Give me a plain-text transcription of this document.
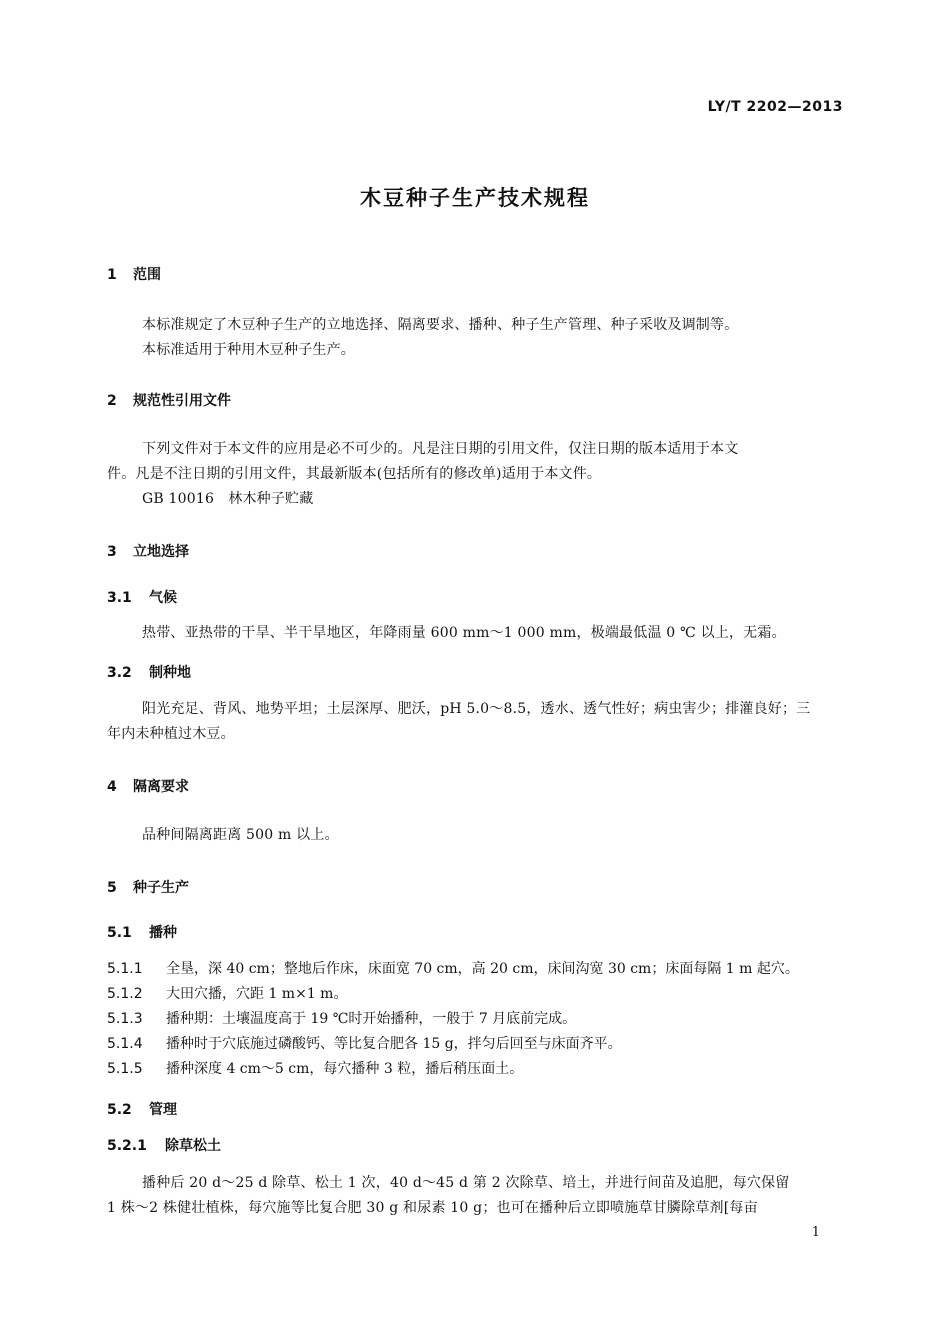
LY/T 2202—2013
木豆种子生产技术规程
1 范围
本标准规定了木豆种子生产的立地选择、隔离要求、播种、种子生产管理、种子采收及调制等。
本标准适用于种用木豆种子生产。
2 规范性引用文件
下列文件对于本文件的应用是必不可少的。凡是注日期的引用文件，仅注日期的版本适用于本文
件。凡是不注日期的引用文件，其最新版本(包括所有的修改单)适用于本文件。
GB 10016　林木种子贮藏
3 立地选择
3.1 气候
热带、亚热带的干旱、半干旱地区，年降雨量 600 mm～1 000 mm，极端最低温 0 ℃ 以上，无霜。
3.2 制种地
阳光充足、背风、地势平坦；土层深厚、肥沃，pH 5.0～8.5，透水、透气性好；病虫害少；排灌良好；三
年内未种植过木豆。
4 隔离要求
品种间隔离距离 500 m 以上。
5 种子生产
5.1 播种
5.1.1 全垦，深 40 cm；整地后作床，床面宽 70 cm，高 20 cm，床间沟宽 30 cm；床面每隔 1 m 起穴。
5.1.2 大田穴播，穴距 1 m×1 m。
5.1.3 播种期：土壤温度高于 19 ℃时开始播种，一般于 7 月底前完成。
5.1.4 播种时于穴底施过磷酸钙、等比复合肥各 15 g，拌匀后回至与床面齐平。
5.1.5 播种深度 4 cm～5 cm，每穴播种 3 粒，播后稍压面土。
5.2 管理
5.2.1 除草松土
播种后 20 d～25 d 除草、松土 1 次，40 d～45 d 第 2 次除草、培土，并进行间苗及追肥，每穴保留
1 株～2 株健壮植株，每穴施等比复合肥 30 g 和尿素 10 g；也可在播种后立即喷施草甘膦除草剂[每亩
1
